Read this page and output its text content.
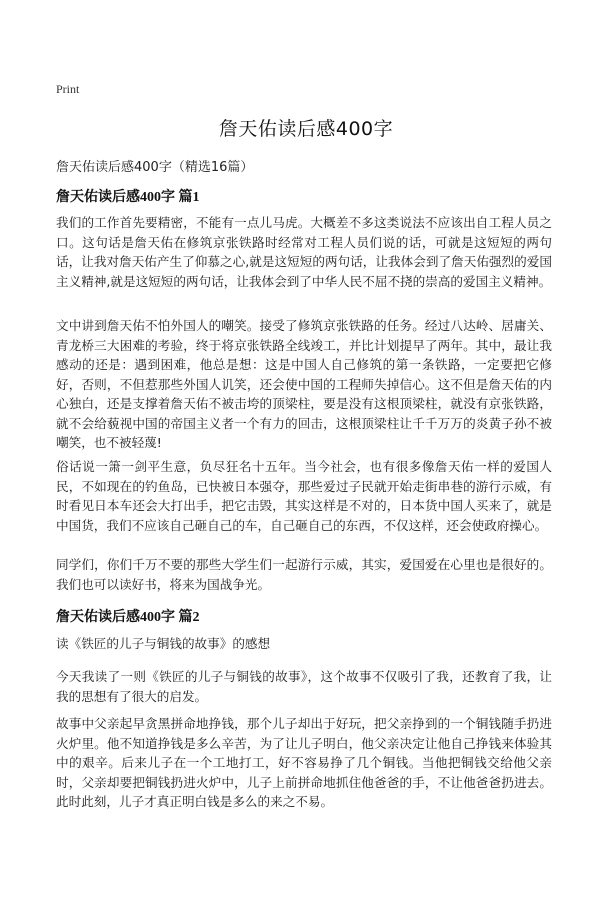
Print
詹天佑读后感400字
詹天佑读后感400字（精选16篇）
詹天佑读后感400字 篇1
我们的工作首先要精密，不能有一点儿马虎。大概差不多这类说法不应该出自工程人员之口。这句话是詹天佑在修筑京张铁路时经常对工程人员们说的话，可就是这短短的两句话，让我对詹天佑产生了仰慕之心,就是这短短的两句话，让我体会到了詹天佑强烈的爱国主义精神,就是这短短的两句话，让我体会到了中华人民不屈不挠的崇高的爱国主义精神。
文中讲到詹天佑不怕外国人的嘲笑。接受了修筑京张铁路的任务。经过八达岭、居庸关、青龙桥三大困难的考验，终于将京张铁路全线竣工，并比计划提早了两年。其中，最让我感动的还是：遇到困难，他总是想：这是中国人自己修筑的第一条铁路，一定要把它修好，否则，不但惹那些外国人讥笑，还会使中国的工程师失掉信心。这不但是詹天佑的内心独白，还是支撑着詹天佑不被击垮的顶梁柱，要是没有这根顶梁柱，就没有京张铁路，就不会给藐视中国的帝国主义者一个有力的回击，这根顶梁柱让千千万万的炎黄子孙不被嘲笑，也不被轻蔑!
俗话说一箫一剑平生意，负尽狂名十五年。当今社会，也有很多像詹天佑一样的爱国人民，不如现在的钓鱼岛，已快被日本强夺，那些爱过子民就开始走街串巷的游行示威，有时看见日本车还会大打出手，把它击毁，其实这样是不对的，日本货中国人买来了，就是中国货，我们不应该自己砸自己的车，自己砸自己的东西，不仅这样，还会使政府操心。
同学们，你们千万不要的那些大学生们一起游行示威，其实，爱国爱在心里也是很好的。我们也可以读好书，将来为国战争光。
詹天佑读后感400字 篇2
读《铁匠的儿子与铜钱的故事》的感想
今天我读了一则《铁匠的儿子与铜钱的故事》，这个故事不仅吸引了我，还教育了我，让我的思想有了很大的启发。
故事中父亲起早贪黑拼命地挣钱，那个儿子却出于好玩，把父亲挣到的一个铜钱随手扔进火炉里。他不知道挣钱是多么辛苦，为了让儿子明白，他父亲决定让他自己挣钱来体验其中的艰辛。后来儿子在一个工地打工，好不容易挣了几个铜钱。当他把铜钱交给他父亲时，父亲却要把铜钱扔进火炉中，儿子上前拼命地抓住他爸爸的手，不让他爸爸扔进去。此时此刻，儿子才真正明白钱是多么的来之不易。
